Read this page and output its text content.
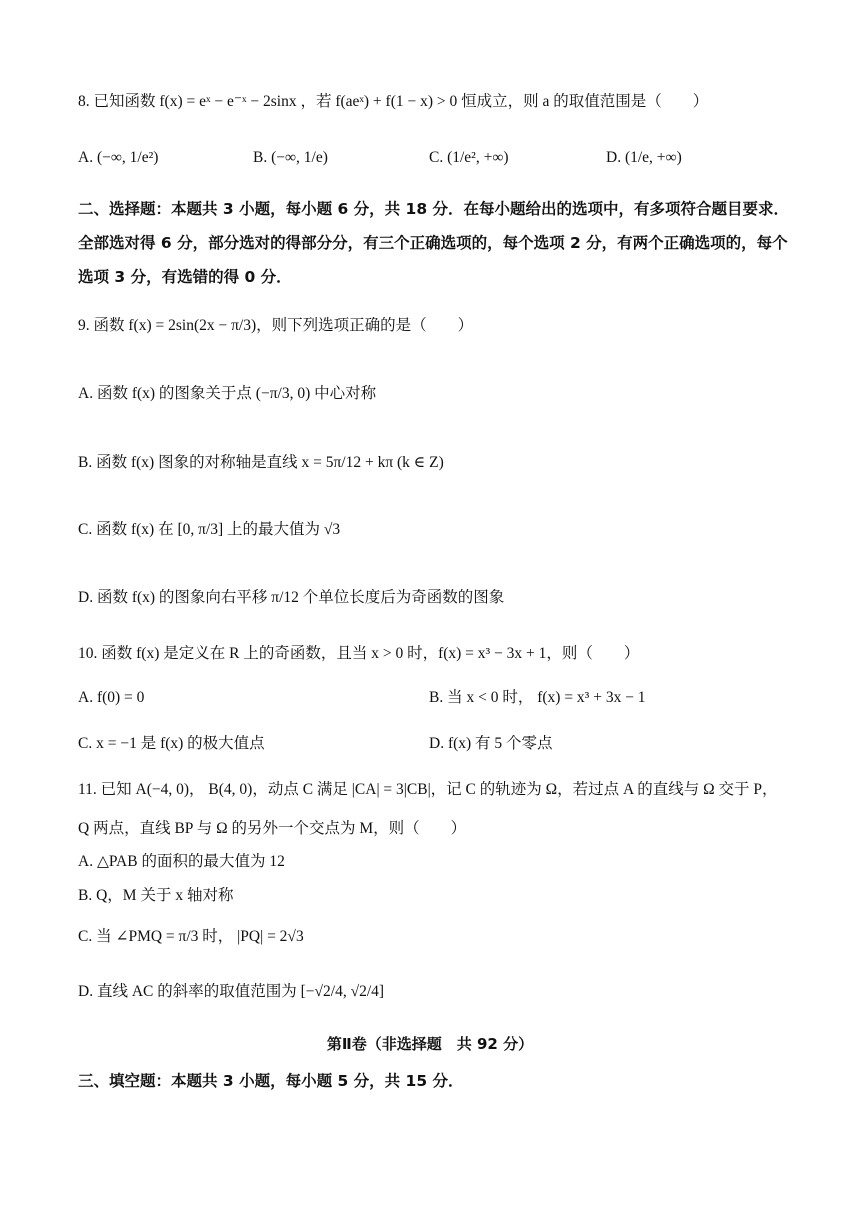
8. 已知函数 f(x) = eˣ − e⁻ˣ − 2sinx ，若 f(aeˣ) + f(1 − x) > 0 恒成立，则 a 的取值范围是（　　）
A. (−∞, 1/e²)	B. (−∞, 1/e)	C. (1/e², +∞)	D. (1/e, +∞)
二、选择题：本题共 3 小题，每小题 6 分，共 18 分．在每小题给出的选项中，有多项符合题目要求．全部选对得 6 分，部分选对的得部分分，有三个正确选项的，每个选项 2 分，有两个正确选项的，每个选项 3 分，有选错的得 0 分．
9. 函数 f(x) = 2sin(2x − π/3)，则下列选项正确的是（　　）
A. 函数 f(x) 的图象关于点 (−π/3, 0) 中心对称
B. 函数 f(x) 图象的对称轴是直线 x = 5π/12 + kπ (k ∈ Z)
C. 函数 f(x) 在 [0, π/3] 上的最大值为 √3
D. 函数 f(x) 的图象向右平移 π/12 个单位长度后为奇函数的图象
10. 函数 f(x) 是定义在 R 上的奇函数，且当 x > 0 时，f(x) = x³ − 3x + 1，则（　　）
A. f(0) = 0	B. 当 x < 0 时， f(x) = x³ + 3x − 1
C. x = −1 是 f(x) 的极大值点	D. f(x) 有 5 个零点
11. 已知 A(−4, 0)， B(4, 0)，动点 C 满足 |CA| = 3|CB|，记 C 的轨迹为 Ω，若过点 A 的直线与 Ω 交于 P，
Q 两点，直线 BP 与 Ω 的另外一个交点为 M，则（　　）
A. △PAB 的面积的最大值为 12
B. Q，M 关于 x 轴对称
C. 当 ∠PMQ = π/3 时， |PQ| = 2√3
D. 直线 AC 的斜率的取值范围为 [−√2/4, √2/4]
第Ⅱ卷（非选择题　共 92 分）
三、填空题：本题共 3 小题，每小题 5 分，共 15 分．
